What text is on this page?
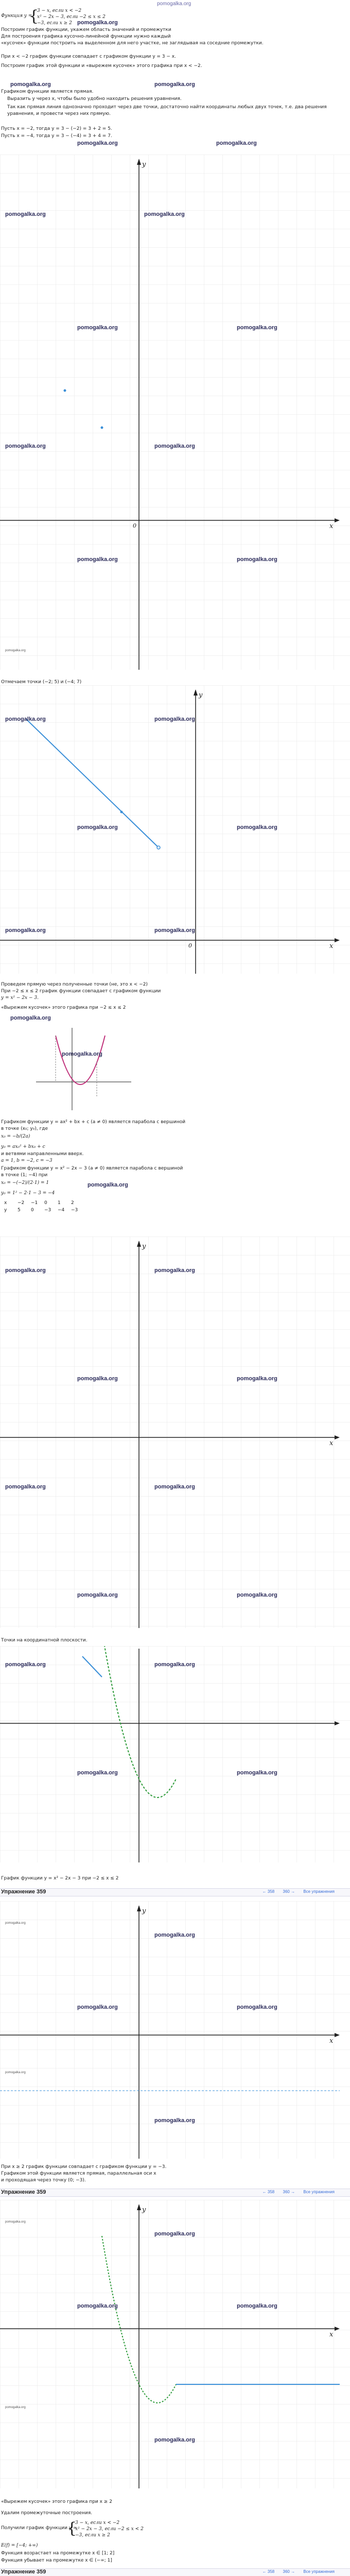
pomogalka.org
Функция y =
{
3 − x, если x < −2
x² − 2x − 3, если −2 ≤ x ≤ 2
−3, если x ≥ 2 pomogalka.org
Построим график функции, укажем область значений и промежутки
Для построения графика кусочно-линейной функции нужно каждый
«кусочек» функции построить на выделенном для него участке, не заглядывая на соседние промежутки.
При x < −2 график функции совпадает с графиком функции y = 3 − x.
Построим график этой функции и «вырежем кусочек» этого графика при x < −2.
pomogalka.org	pomogalka.org
Графиком функции является прямая.
Выразить y через x, чтобы было удобно находить решения уравнения.
Так как прямая линия однозначно проходит через две точки, достаточно найти координаты любых двух точек, т.е. два решения уравнения, и провести через них прямую.
Пусть x = −2, тогда y = 3 − (−2) = 3 + 2 = 5.
Пусть x = −4, тогда y = 3 − (−4) = 3 + 4 = 7.
pomogalka.org	pomogalka.org
y
x
0
pomogalka.org	pomogalka.org
pomogalka.org	pomogalka.org
pomogalka.org	pomogalka.org
pomogalka.org	pomogalka.org
pomogalka.org
Отмечаем точки (−2; 5) и (−4; 7)
y
x
0
pomogalka.org	pomogalka.org
pomogalka.org	pomogalka.org
pomogalka.org	pomogalka.org
Проведем прямую через полученные точки (не, это x < −2)
При −2 ≤ x ≤ 2 график функции совпадает с графиком функции
y = x² − 2x − 3.
«Вырежем кусочек» этого графика при −2 ≤ x ≤ 2
pomogalka.org
pomogalka.org
Графиком функции y = ax² + bx + c (a ≠ 0) является парабола с вершиной
в точке (x₀; y₀), где
x₀ = −b/(2a)
y₀ = ax₀² + bx₀ + c
и ветвями направленными вверх.
a = 1, b = −2, c = −3
Графиком функции y = x² − 2x − 3 (a ≠ 0) является парабола с вершиной
в точке (1; −4) при
x₀ = −(−2)/(2·1) = 1
y₀ = 1² − 2·1 − 3 = −4
pomogalka.org
x	−2	−1	0	1	2
y	5	0	−3	−4	−3
y
x
pomogalka.org	pomogalka.org
pomogalka.org	pomogalka.org
pomogalka.org	pomogalka.org
pomogalka.org	pomogalka.org
Точки на координатной плоскости.
pomogalka.org	pomogalka.org
pomogalka.org	pomogalka.org
График функции y = x² − 2x − 3 при −2 ≤ x ≤ 2
Упражнение 359	← 358 360 → Все упражнения
y
x
pomogalka.org
pomogalka.org
pomogalka.org	pomogalka.org
pomogalka.org
pomogalka.org
При x ≥ 2 график функции совпадает с графиком функции y = −3.
Графиком этой функции является прямая, параллельная оси x
и проходящая через точку (0; −3).
Упражнение 359	← 358 360 → Все упражнения
y
x
pomogalka.org
pomogalka.org
pomogalka.org	pomogalka.org
pomogalka.org
pomogalka.org
«Вырежем кусочек» этого графика при x ≥ 2
Удалим промежуточные построения.
Получили график функции y =
{
3 − x, если x < −2
x² − 2x − 3, если −2 ≤ x < 2
−3, если x ≥ 2
E(f) = [−4; +∞)
Функция возрастает на промежутке x ∈ [1; 2]
Функция убывает на промежутке x ∈ (−∞; 1]
Упражнение 359	← 358 360 → Все упражнения
